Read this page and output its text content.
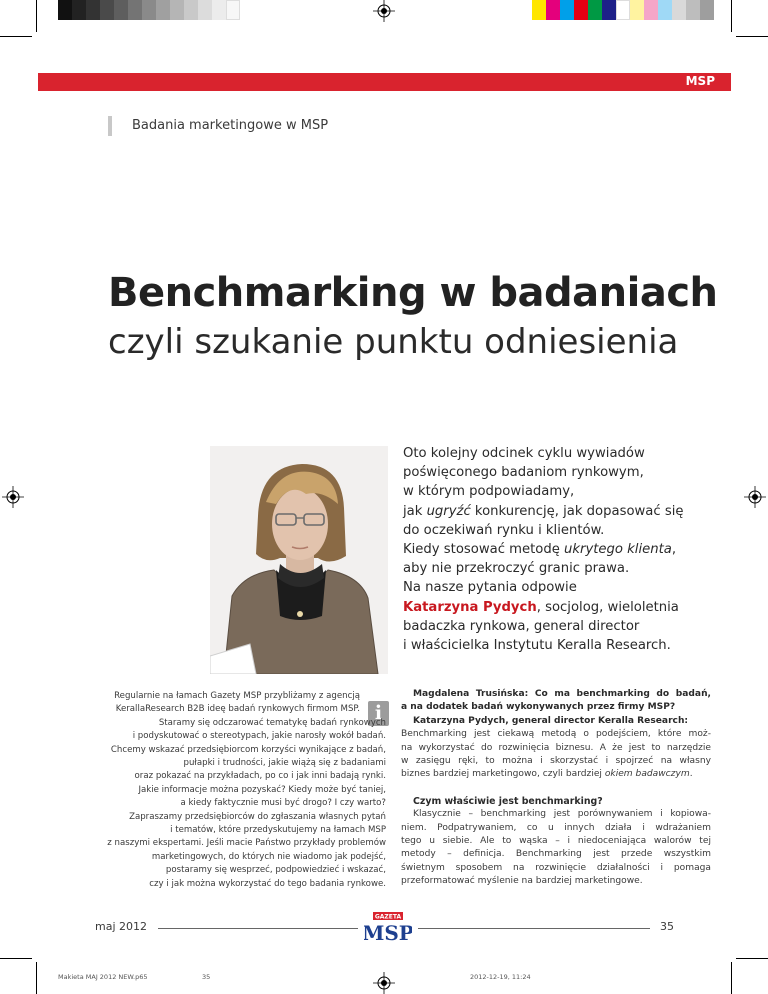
MSP
Badania marketingowe w MSP
Benchmarking w badaniach
czyli szukanie punktu odniesienia
Oto kolejny odcinek cyklu wywiadów
poświęconego badaniom rynkowym,
w którym podpowiadamy,
jak ugryźć konkurencję, jak dopasować się
do oczekiwań rynku i klientów.
Kiedy stosować metodę ukrytego klienta,
aby nie przekroczyć granic prawa.
Na nasze pytania odpowie
Katarzyna Pydych, socjolog, wieloletnia
badaczka rynkowa, general director
i właścicielka Instytutu Keralla Research.
i
Regularnie na łamach Gazety MSP przybliżamy z agencją
KerallaResearch B2B ideę badań rynkowych firmom MSP.
Staramy się odczarować tematykę badań rynkowych
i podyskutować o stereotypach, jakie narosły wokół badań.
Chcemy wskazać przedsiębiorcom korzyści wynikające z badań,
pułapki i trudności, jakie wiążą się z badaniami
oraz pokazać na przykładach, po co i jak inni badają rynki.
Jakie informacje można pozyskać? Kiedy może być taniej,
a kiedy faktycznie musi być drogo? I czy warto?
Zapraszamy przedsiębiorców do zgłaszania własnych pytań
i tematów, które przedyskutujemy na łamach MSP
z naszymi ekspertami. Jeśli macie Państwo przykłady problemów
marketingowych, do których nie wiadomo jak podejść,
postaramy się wesprzeć, podpowiedzieć i wskazać,
czy i jak można wykorzystać do tego badania rynkowe.
Magdalena Trusińska: Co ma benchmarking do badań,
a na dodatek badań wykonywanych przez firmy MSP?
Katarzyna Pydych, general director Keralla Research:
Benchmarking jest ciekawą metodą o podejściem, które moż-
na wykorzystać do rozwinięcia biznesu. A że jest to narzędzie
w zasięgu ręki, to można i skorzystać i spojrzeć na własny
biznes bardziej marketingowo, czyli bardziej okiem badawczym.
Czym właściwie jest benchmarking?
Klasycznie – benchmarking jest porównywaniem i kopiowa-
niem. Podpatrywaniem, co u innych działa i wdrażaniem
tego u siebie. Ale to wąska – i niedoceniająca walorów tej
metody – definicja. Benchmarking jest przede wszystkim
świetnym sposobem na rozwinięcie działalności i pomaga
przeformatować myślenie na bardziej marketingowe.
maj 2012
GAZETA
MSP	35
Makieta MAJ 2012 NEW.p65	35	2012-12-19, 11:24
